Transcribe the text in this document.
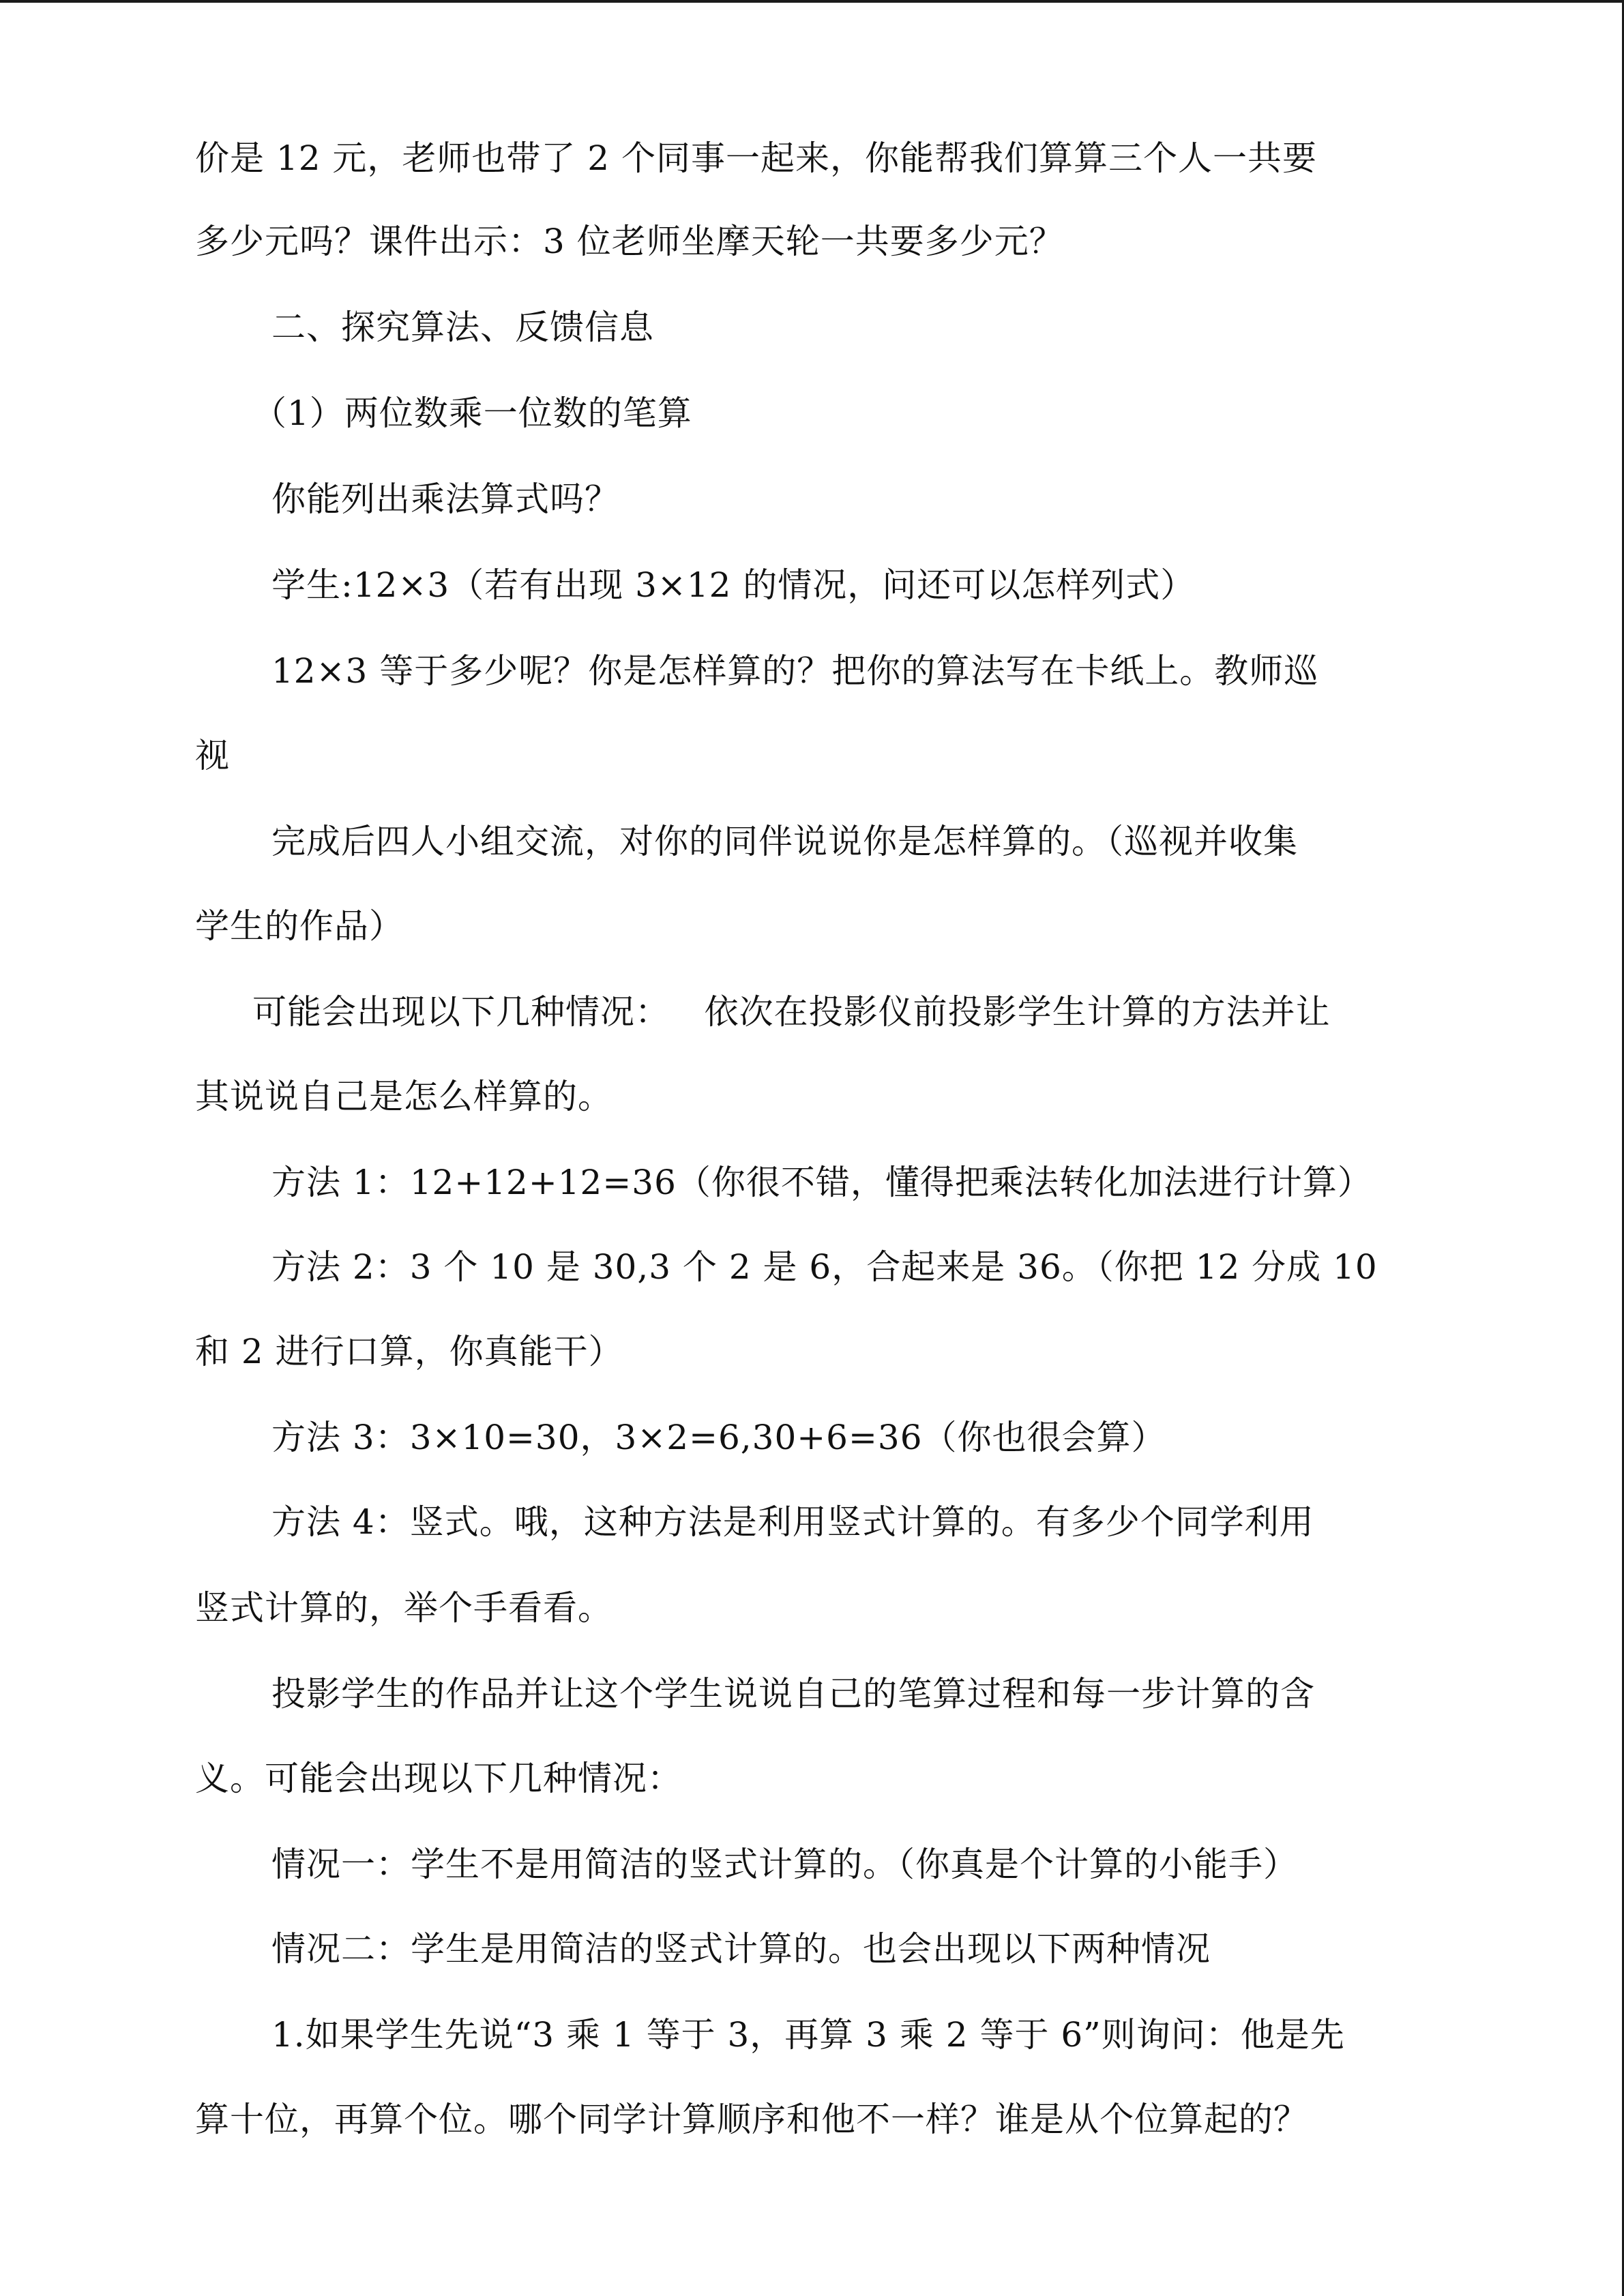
价是 12 元，老师也带了 2 个同事一起来，你能帮我们算算三个人一共要
多少元吗？课件出示：3 位老师坐摩天轮一共要多少元？
二、探究算法、反馈信息
（1）两位数乘一位数的笔算
你能列出乘法算式吗？
学生:12×3（若有出现 3×12 的情况，问还可以怎样列式）
12×3 等于多少呢？你是怎样算的？把你的算法写在卡纸上。教师巡
视
完成后四人小组交流，对你的同伴说说你是怎样算的。（巡视并收集
学生的作品）
可能会出现以下几种情况：   依次在投影仪前投影学生计算的方法并让
其说说自己是怎么样算的。
方法 1：12+12+12=36（你很不错，懂得把乘法转化加法进行计算）
方法 2：3 个 10 是 30,3 个 2 是 6，合起来是 36。（你把 12 分成 10
和 2 进行口算，你真能干）
方法 3：3×10=30，3×2=6,30+6=36（你也很会算）
方法 4：竖式。哦，这种方法是利用竖式计算的。有多少个同学利用
竖式计算的，举个手看看。
投影学生的作品并让这个学生说说自己的笔算过程和每一步计算的含
义。可能会出现以下几种情况：
情况一：学生不是用简洁的竖式计算的。（你真是个计算的小能手）
情况二：学生是用简洁的竖式计算的。也会出现以下两种情况
1.如果学生先说“3 乘 1 等于 3，再算 3 乘 2 等于 6”则询问：他是先
算十位，再算个位。哪个同学计算顺序和他不一样？谁是从个位算起的？
